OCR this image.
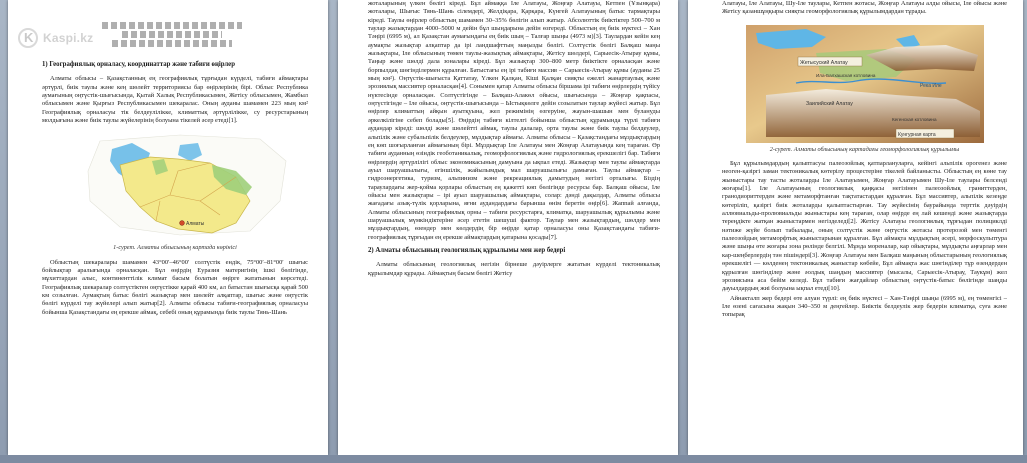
K
Kaspi.kz

1) Географиялық орналасу, координаттар және табиғи өңірлер

Алматы облысы – Қазақстанның ең географиялық тұрғыдан күрделі, табиғи аймақтары әртүрлі, биік таулы және кең шөлейт территориясы бар өңірлерінің бірі. Облыс Республика аумағының оңтүстік-шығысында, Қытай Халық Республикасымен, Жетісу облысымен, Жамбыл облысымен және Қырғыз Республикасымен шекаралас. Оның ауданы шамамен 223 мың км² Географиялық орналасуы тік белдеулілікке, климаттық әртүрлілікке, су ресурстарының молдығына және биік таулы жүйелерінің болуына тікелей әсер етеді[1].

Алматы

1-сурет. Алматы облысының картада көрінісі

Облыстың шекаралары шамамен 43°00′–46°00′ солтүстік ендік, 75°00′–81°00′ шығыс бойлықтар аралығында орналасқан. Бұл өңірдің Еуразия материгінің ішкі бөлігінде, мұхиттардан алыс, континенттілік климат басым болатын өңірге жататынын көрсетеді. Географиялық шекаралар солтүстіктен оңтүстікке қарай 400 км, ал батыстан шығысқа қарай 500 км созылған. Аумақтың батыс бөлігі жазықтар мен шөлейт алқаптар, шығыс және оңтүстік бөлігі күрделі тау жүйелері алып жатыр[2]. Алматы облысы табиғи-географиялық орналасуы бойынша Қазақстандағы ең ерекше аймақ, себебі оның құрамында биік таулы Тянь-Шань

жоталарының үлкен бөлігі кіреді. Бұл аймаққа Іле Алатауы, Жоңғар Алатауы, Кетпен (Ұзынқара) жоталары, Шығыс Тянь-Шань сілемдері, Желдіқара, Қарқара, Күнгей Алатауының батыс тармақтары кіреді. Таулы өңірлер облыстың шамамен 30–35% бөлігін алып жатыр. Абсолюттік биіктіктер 500–700 м таулар жазықтардан 4000–5000 м дейін бұл шыңдарына дейін өзгереді. Облыстың ең биік нүктесі – Хан Тәңірі (6995 м), ал Қазақстан аумағындағы ең биік шың – Талғар шыңы (4973 м)[3]. Таулардан кейін кең аумақты жазықтар алқаптар да ірі ландшафттың маңызды бөлігі. Солтүстік бөлігі Балқаш маңы жазықтары, Іле облысының төмен таулы-жазықтық аймақтары, Жетісу шөлдері, Сарыесік-Атырау құмы, Таңыр және шөлді дала зоналары кіреді. Бұл жазықтар 300–800 метр биіктікте орналасқан және борпылдақ шөгінділермен құралған. Батыстағы ең ірі табиғи массив – Сарыесік-Атырау құмы (ауданы 25 мың км²). Оңтүстік-шығыста Қаттатау, Үлкен Қалқан, Кіші Қалқан сияқты ежелгі жанартаулық және эрозиялық массивтер орналасқан[4]. Сонымен қатар Алматы облысы біршама ірі табиғи өңірлердің түйісу нүктесінде орналасқан. Солтүстігінде – Балқаш-Алакөл ойысы, шығысында – Жоңғар қақпасы, оңтүстігінде – Іле ойысы, оңтүстік-шығысында – Ыстықкөлге дейін созылатын таулар жүйесі жатыр. Бұл өңірлер климаттың айқын ауытқуына, жел режимінің өзгеруіне, жауын-шашын мен булануды әркелкілігіне себеп болады[5]. Өңірдің табиғи кілтелгі бойынша облыстың құрамында түрлі табиғи аудандар кіреді: шөлді және шөлейтті аймақ, таулы далалар, орта таулы және биік таулы белдеулер, альпілік және субальпілік белдеулер, мұздықтар аймағы. Алматы облысы – Қазақстандағы мұздықтардың ең көп шоғырланған аймағының бірі. Мұздықтар Іле Алатауы мен Жоңғар Алатауында кең тараған. Өр табиғи ауданның өзіндік геоботаникалық, геоморфологиялық және гидрологиялық ерекшелігі бар. Табиғи өңірлердің әртүрлілігі облыс экономикасының дамуына да ықпал етеді. Жазықтар мен таулы аймақтарда ауыл шаруашылығы, егіншілік, жайылымдық мал шаруашылығы дамыған. Таулы аймақтар – гидроэнергетика, туризм, альпинизм және рекреациялық дамытудың негізгі орталығы. Біздің тараулардағы жер-қойма қорлары облыстың ең қажетті көп бөлігінде ресурсы бар. Балқаш ойысы, Іле ойысы мен жазықтары – ірі ауыл шаруашылық аймақтары, солар: дәнді дақылдар, Алматы облысы жағадағы азық-түлік қорларына, яғни аудандардағы барынша өнім беретін өңір[6]. Жаппай алғанда, Алматы облысының географиялық орны – табиғи ресурстарға, климатқа, шаруашылық құрылымы және шаруашылық мүмкіндіктеріне әсер ететін шешуші фактор. Таулар мен жазықтардың, шөлдер мен мұздықтардың, өзендер мен көлдердің бір өңірде қатар орналасуы оны Қазақстандағы табиғи-географиялық тұрғыдан ең ерекше аймақтардың қатарына қосады[7].

2) Алматы облысының геологиялық құрылымы мен жер бедері

Алматы облысының геологиялық негізін бірнеше дәуірлерге жататын күрделі тектоникалық құрылымдар құрады. Аймақтың басым бөлігі Жетісу

Алатауы, Іле Алатауы, Шу-Іле таулары, Кетпен жотасы, Жоңғар Алатауы алды ойысы, Іле ойысы және Жетісу қазаншұңқыры сияқты геоморфологиялық құрылымдардан тұрады.

Жетысуский Алатау
Ила-Балхашская котловина
Река Иле
Заилийский Алатау
Кегенская котловина
Кунгурная карта

2-сурет. Алматы облысының картадағы геоморфологиялық құрылымы

Бұл құрылымдардың қалыптасуы палеозойлық қатпарлануларға, кейінгі альпілік орогенез және неоген-қазіргі заман тектоникалық көтерілу процестеріне тікелей байланысты. Облыстың ең көне тау жыныстары тау тасты жоталарды Іле Алатауымен, Жоңғар Алатауымен Шу-Іле таулары белсенді жоғары[1]. Іле Алатауының геологиялық қаңқасы негізінен палеозойлық граниттерден, гранодиориттерден және метаморфтанған тақтатастардан құралған. Бұл массивтер, альпілік кезеңде көтеріліп, қазіргі биік жоталарды қалыптастырған. Тау жүйесінің баурайында терттік дәуірдің аллювиальды-пролювиальды жыныстары кең тараған, олар өңірде ең лай кешенді және жазықтарда тереңдікте жатқан жыныстармен негізделеді[2]. Жетісу Алатауы геологиялық тұрғыдан полициклді нәтиже жүйе болып табылады, оның солтүстік және оңтүстік жотасы протерозой мен төменгі палеозойдың метаморфтық жыныстарынан құралған. Бұл аймақта мұздықтың әсері, морфоскульптура және шыңы өте жоғары зона рөлінде белгілі. Мұнда мореналар, кар ойықтары, мұздықты аңғарлар мен кар-шеңберлердің тән пішіндері[3]. Жоңғар Алатауы мен Балқаш маңының облыстарының геологиялық өрекшелігі — көлденең тектоникалық жаныстар көбейе, Бұл аймақта жас шөгінділер тұр өзендерден құрылған шөгінділер және әолдық шаңдың массивтер (мысалы, Сарыесік-Атырау, Таукұм) жел эрозиясына аса бейім келеді. Бұл табиғи жағдайлар облыстың оңтүстік-батыс бөлігінде шаңды дауылдардың жиі болуына ықпал етеді[10].

Айнакталп жер бедері өте алуан түрлі: ең биік нүктесі – Хан-Тәңірі шыңы (6995 м), ең төменгісі – Іле өзені сағасына жақын 340–350 м деңгейлер. Биіктік белдеулік жер бедерін климатқа, суға және топырақ
